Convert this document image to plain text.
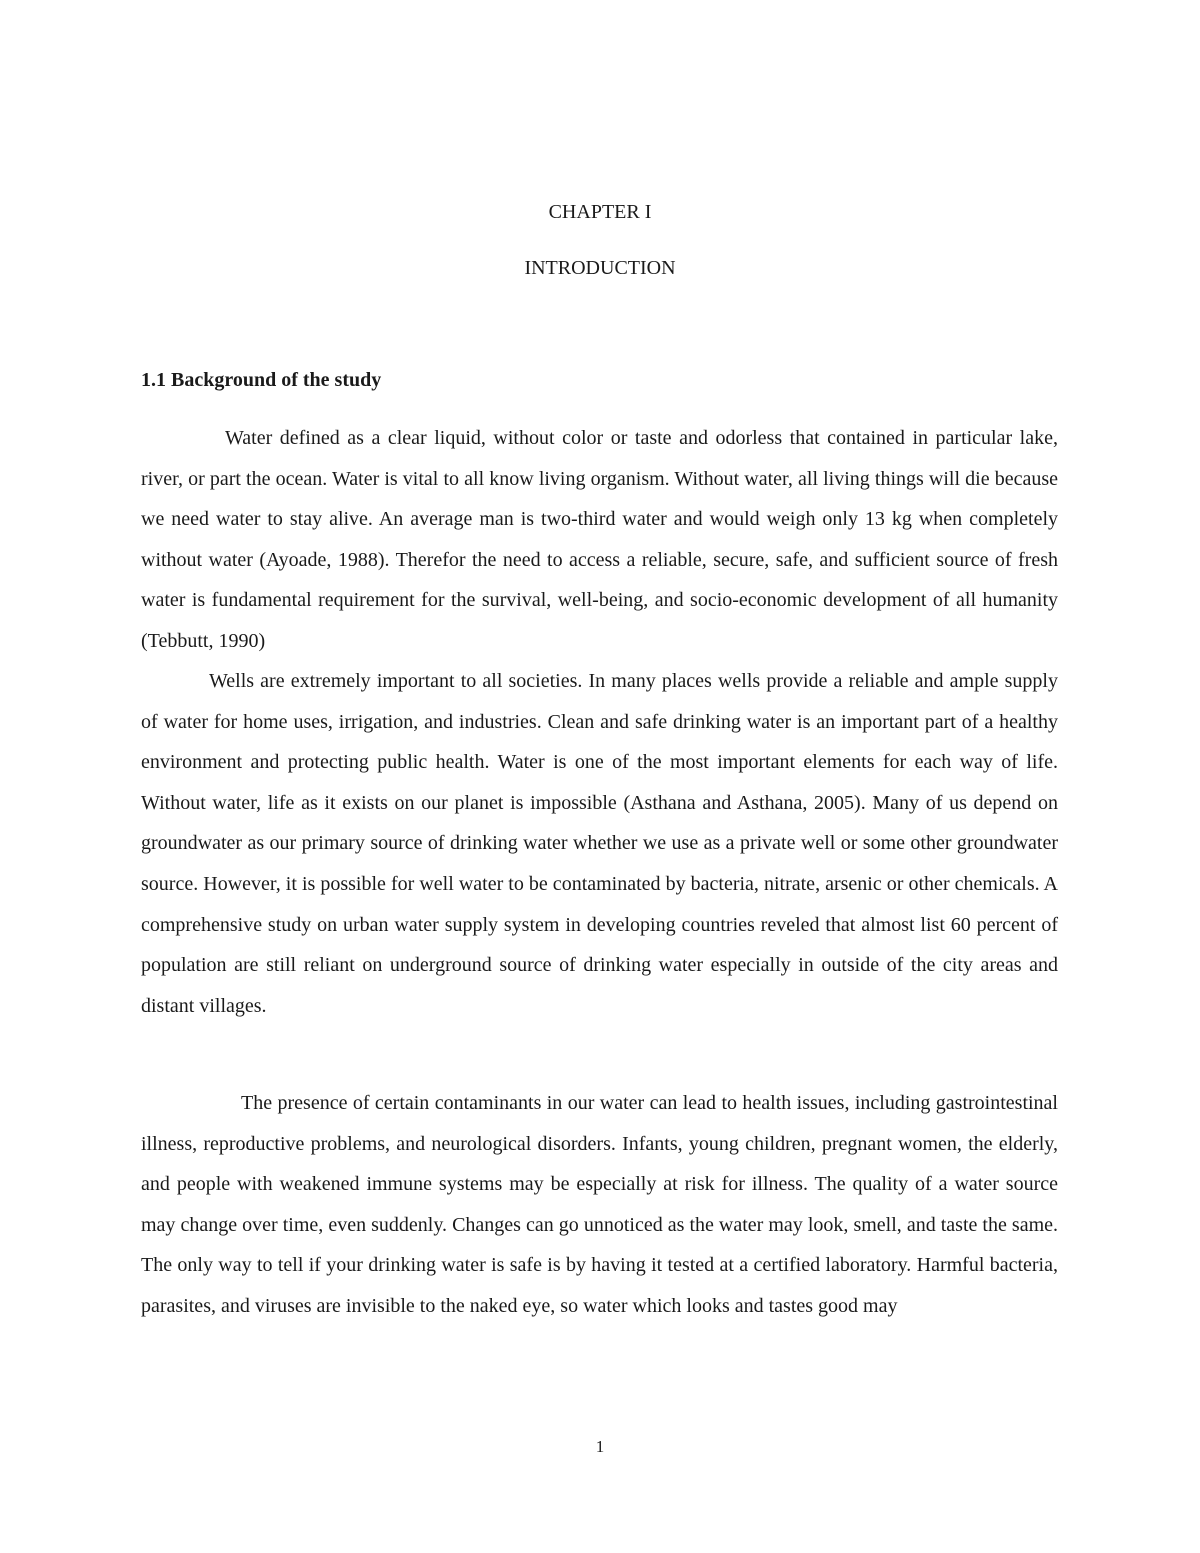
CHAPTER I
INTRODUCTION
1.1 Background of the study

Water defined as a clear liquid, without color or taste and odorless that contained in particular lake, river, or part the ocean. Water is vital to all know living organism. Without water, all living things will die because we need water to stay alive. An average man is two-third water and would weigh only 13 kg when completely without water (Ayoade, 1988). Therefor the need to access a reliable, secure, safe, and sufficient source of fresh water is fundamental requirement for the survival, well-being, and socio-economic development of all humanity (Tebbutt, 1990)

Wells are extremely important to all societies. In many places wells provide a reliable and ample supply of water for home uses, irrigation, and industries. Clean and safe drinking water is an important part of a healthy environment and protecting public health. Water is one of the most important elements for each way of life. Without water, life as it exists on our planet is impossible (Asthana and Asthana, 2005). Many of us depend on groundwater as our primary source of drinking water whether we use as a private well or some other groundwater source. However, it is possible for well water to be contaminated by bacteria, nitrate, arsenic or other chemicals. A comprehensive study on urban water supply system in developing countries reveled that almost list 60 percent of population are still reliant on underground source of drinking water especially in outside of the city areas and distant villages.

The presence of certain contaminants in our water can lead to health issues, including gastrointestinal illness, reproductive problems, and neurological disorders. Infants, young children, pregnant women, the elderly, and people with weakened immune systems may be especially at risk for illness. The quality of a water source may change over time, even suddenly. Changes can go unnoticed as the water may look, smell, and taste the same. The only way to tell if your drinking water is safe is by having it tested at a certified laboratory. Harmful bacteria, parasites, and viruses are invisible to the naked eye, so water which looks and tastes good may

1
